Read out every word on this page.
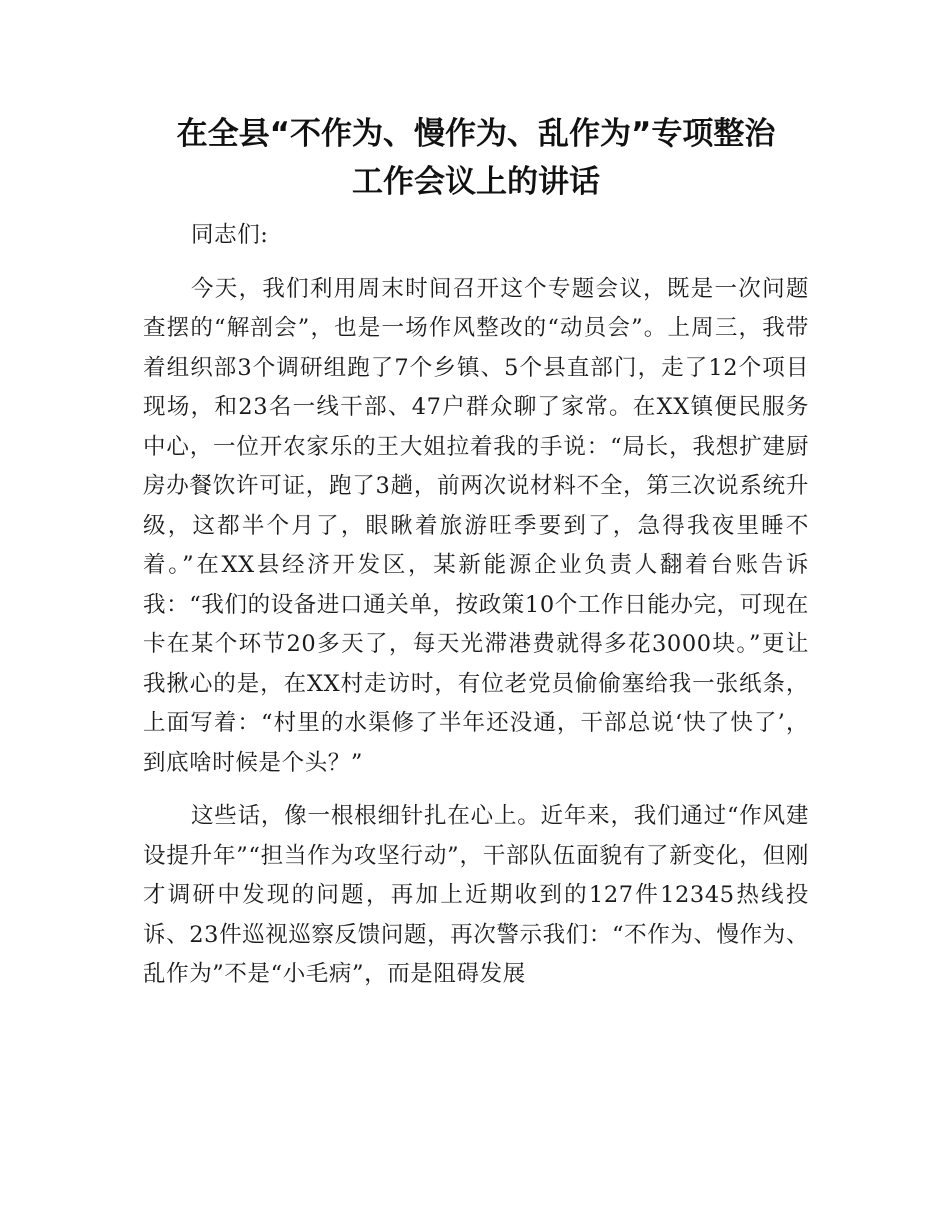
在全县“不作为、慢作为、乱作为”专项整治
工作会议上的讲话

同志们:

今天，我们利用周末时间召开这个专题会议，既是一次问题查摆的“解剖会”，也是一场作风整改的“动员会”。上周三，我带着组织部3个调研组跑了7个乡镇、5个县直部门，走了12个项目现场，和23名一线干部、47户群众聊了家常。在XX镇便民服务中心，一位开农家乐的王大姐拉着我的手说：“局长，我想扩建厨房办餐饮许可证，跑了3趟，前两次说材料不全，第三次说系统升级，这都半个月了，眼瞅着旅游旺季要到了，急得我夜里睡不着。”在XX县经济开发区，某新能源企业负责人翻着台账告诉我：“我们的设备进口通关单，按政策10个工作日能办完，可现在卡在某个环节20多天了，每天光滞港费就得多花3000块。”更让我揪心的是，在XX村走访时，有位老党员偷偷塞给我一张纸条，上面写着：“村里的水渠修了半年还没通，干部总说‘快了快了’，到底啥时候是个头？”

这些话，像一根根细针扎在心上。近年来，我们通过“作风建设提升年”“担当作为攻坚行动”，干部队伍面貌有了新变化，但刚才调研中发现的问题，再加上近期收到的127件12345热线投诉、23件巡视巡察反馈问题，再次警示我们：“不作为、慢作为、乱作为”不是“小毛病”，而是阻碍发展
